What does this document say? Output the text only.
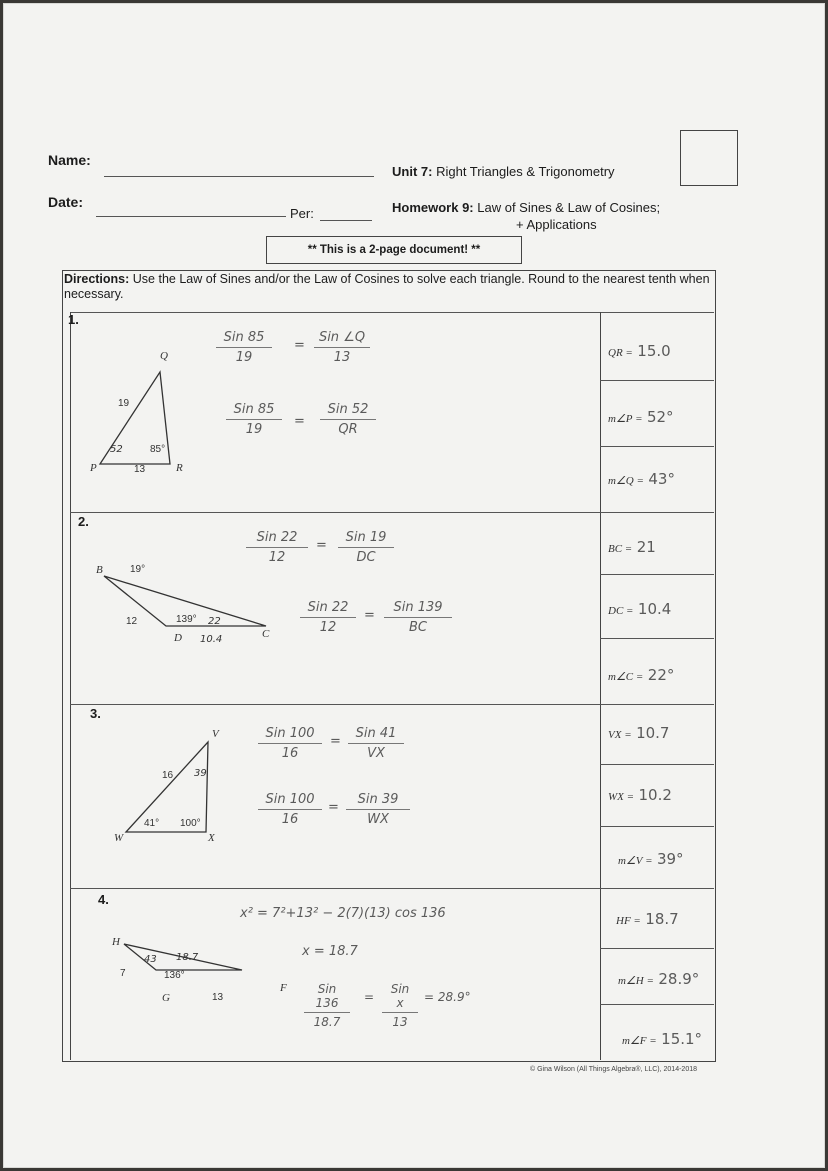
Name:
Date:
Per:
Unit 7: Right Triangles & Trigonometry
Homework 9: Law of Sines & Law of Cosines;
+ Applications
** This is a 2-page document! **
Directions: Use the Law of Sines and/or the Law of Cosines to solve each triangle. Round to the nearest tenth when necessary.
1.
2.
3.
4.
Q
19
52	85°
P	13	R
B	19°
12	139° 22
D 10.4	C
V
16 39
41° 100°
W	X
H
43 18.7
7	136°
G	13
F
Sin 85
19
=
Sin ∠Q
13
Sin 85
19
=
Sin 52
QR
Sin 22
12
=
Sin 19
DC
Sin 22
12
=
Sin 139
BC
Sin 100
16
=
Sin 41
VX
Sin 100
16
=
Sin 39
WX
x² = 7²+13² − 2(7)(13) cos 136
x = 18.7
Sin 136
18.7
=
Sin x
13
= 28.9°
QR = 15.0
m∠P = 52°
m∠Q = 43°
BC = 21
DC = 10.4
m∠C = 22°
VX = 10.7
WX = 10.2
m∠V = 39°
HF = 18.7
m∠H = 28.9°
m∠F = 15.1°
© Gina Wilson (All Things Algebra®, LLC), 2014-2018
